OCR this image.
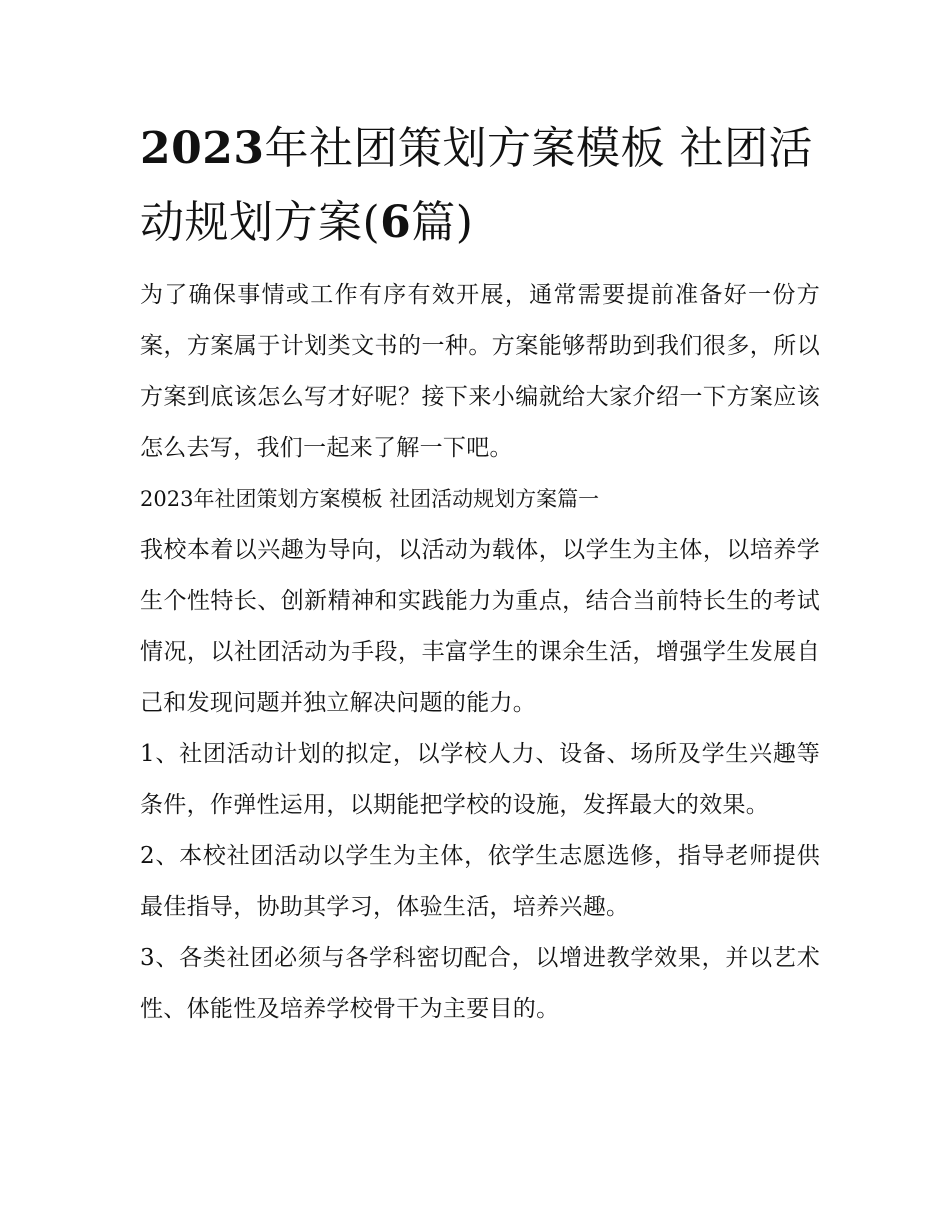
2023年社团策划方案模板 社团活动规划方案(6篇)

为了确保事情或工作有序有效开展，通常需要提前准备好一份方案，方案属于计划类文书的一种。方案能够帮助到我们很多，所以方案到底该怎么写才好呢？接下来小编就给大家介绍一下方案应该怎么去写，我们一起来了解一下吧。

2023年社团策划方案模板 社团活动规划方案篇一

我校本着以兴趣为导向，以活动为载体，以学生为主体，以培养学生个性特长、创新精神和实践能力为重点，结合当前特长生的考试情况，以社团活动为手段，丰富学生的课余生活，增强学生发展自己和发现问题并独立解决问题的能力。

1、社团活动计划的拟定，以学校人力、设备、场所及学生兴趣等条件，作弹性运用，以期能把学校的设施，发挥最大的效果。

2、本校社团活动以学生为主体，依学生志愿选修，指导老师提供最佳指导，协助其学习，体验生活，培养兴趣。

3、各类社团必须与各学科密切配合，以增进教学效果，并以艺术性、体能性及培养学校骨干为主要目的。
